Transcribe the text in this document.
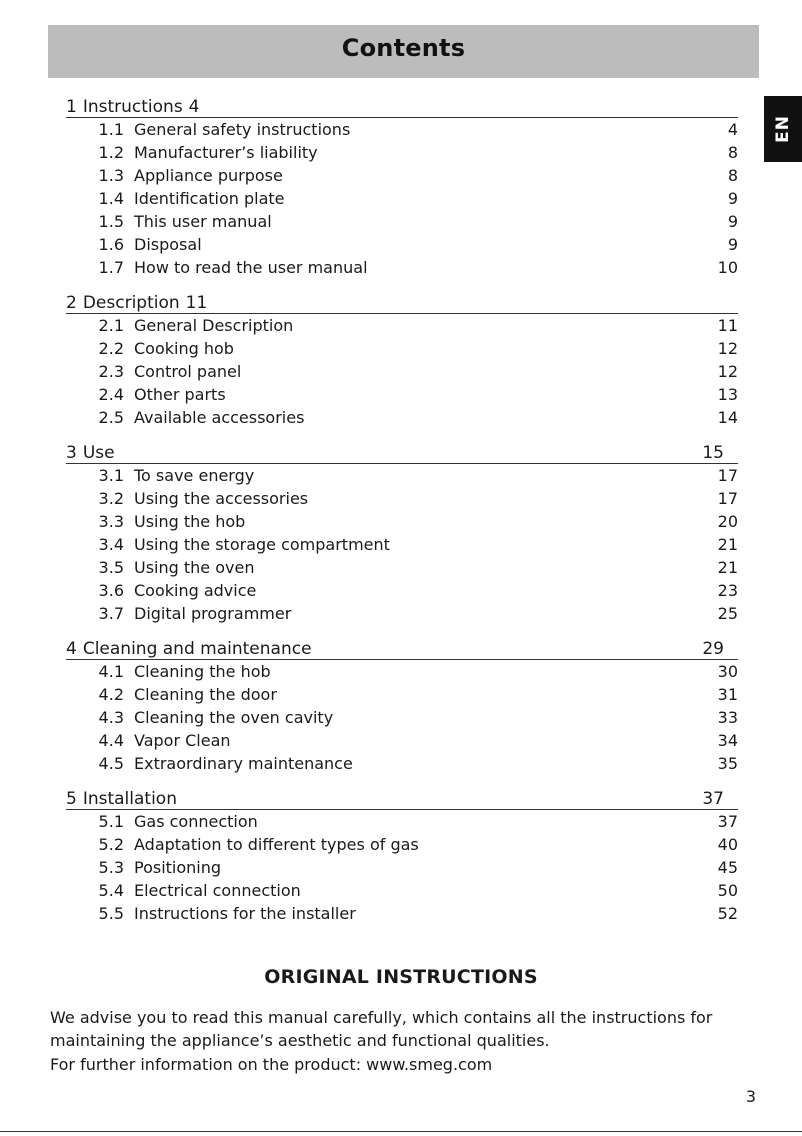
Contents
EN
1 Instructions 4
1.1 General safety instructions	4
1.2 Manufacturer’s liability	8
1.3 Appliance purpose	8
1.4 Identification plate	9
1.5 This user manual	9
1.6 Disposal	9
1.7 How to read the user manual	10
2 Description 11
2.1 General Description	11
2.2 Cooking hob	12
2.3 Control panel	12
2.4 Other parts	13
2.5 Available accessories	14
3 Use	15
3.1 To save energy	17
3.2 Using the accessories	17
3.3 Using the hob	20
3.4 Using the storage compartment	21
3.5 Using the oven	21
3.6 Cooking advice	23
3.7 Digital programmer	25
4 Cleaning and maintenance	29
4.1 Cleaning the hob	30
4.2 Cleaning the door	31
4.3 Cleaning the oven cavity	33
4.4 Vapor Clean	34
4.5 Extraordinary maintenance	35
5 Installation	37
5.1 Gas connection	37
5.2 Adaptation to different types of gas	40
5.3 Positioning	45
5.4 Electrical connection	50
5.5 Instructions for the installer	52
ORIGINAL INSTRUCTIONS
We advise you to read this manual carefully, which contains all the instructions for maintaining the appliance’s aesthetic and functional qualities.
For further information on the product: www.smeg.com
3
